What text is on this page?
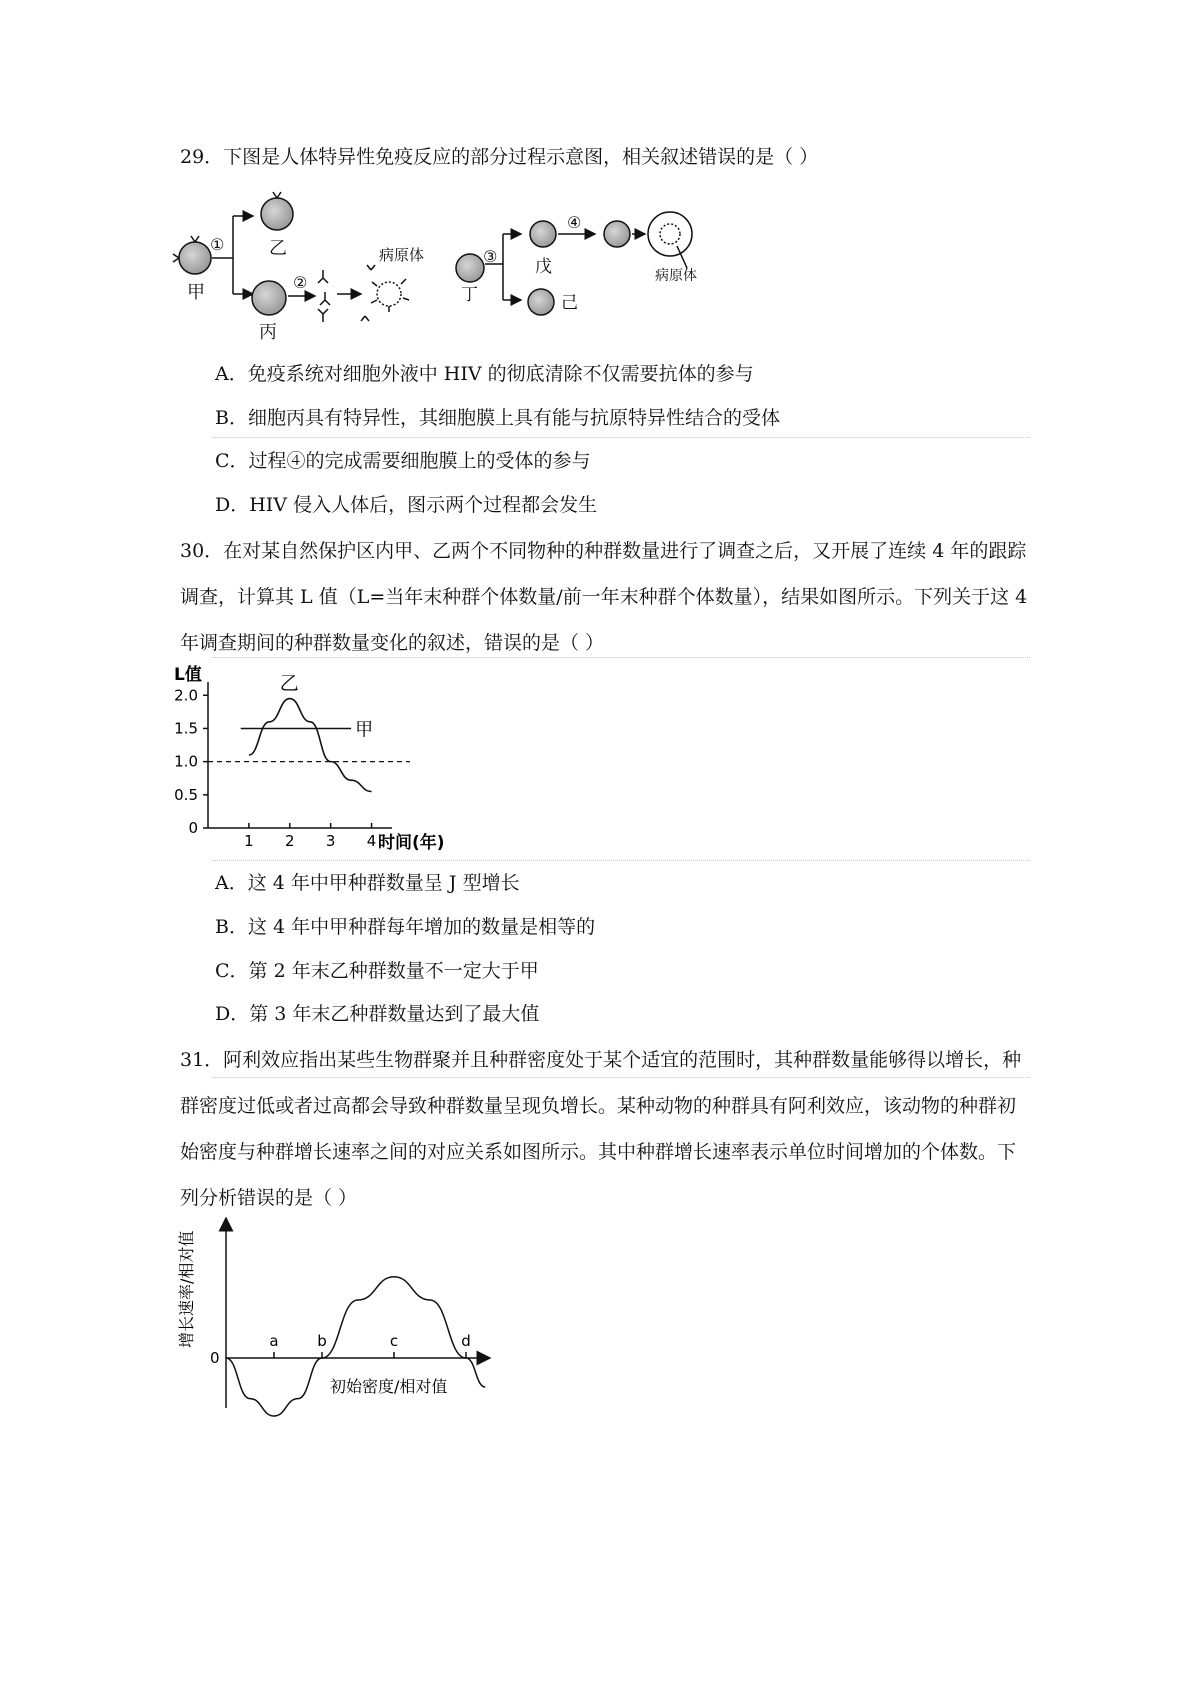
29．下图是人体特异性免疫反应的部分过程示意图，相关叙述错误的是（ ）

①
②
③
④
甲
乙
丙
丁
戊
己
病原体
病原体

A．免疫系统对细胞外液中 HIV 的彻底清除不仅需要抗体的参与

B．细胞丙具有特异性，其细胞膜上具有能与抗原特异性结合的受体

C．过程④的完成需要细胞膜上的受体的参与

D．HIV 侵入人体后，图示两个过程都会发生

30．在对某自然保护区内甲、乙两个不同物种的种群数量进行了调查之后，又开展了连续 4 年的跟踪调查，计算其 L 值（L=当年末种群个体数量/前一年末种群个体数量），结果如图所示。下列关于这 4 年调查期间的种群数量变化的叙述，错误的是（ ）

0
0.5
1.0
1.5
2.0
1 2 3 4
甲
乙
L值
时间(年)

A．这 4 年中甲种群数量呈 J 型增长

B．这 4 年中甲种群每年增加的数量是相等的

C．第 2 年末乙种群数量不一定大于甲

D．第 3 年末乙种群数量达到了最大值

31．阿利效应指出某些生物群聚并且种群密度处于某个适宜的范围时，其种群数量能够得以增长，种群密度过低或者过高都会导致种群数量呈现负增长。某种动物的种群具有阿利效应，该动物的种群初始密度与种群增长速率之间的对应关系如图所示。其中种群增长速率表示单位时间增加的个体数。下列分析错误的是（ ）

a	b	c	d
0
增长速率/相对值
初始密度/相对值
